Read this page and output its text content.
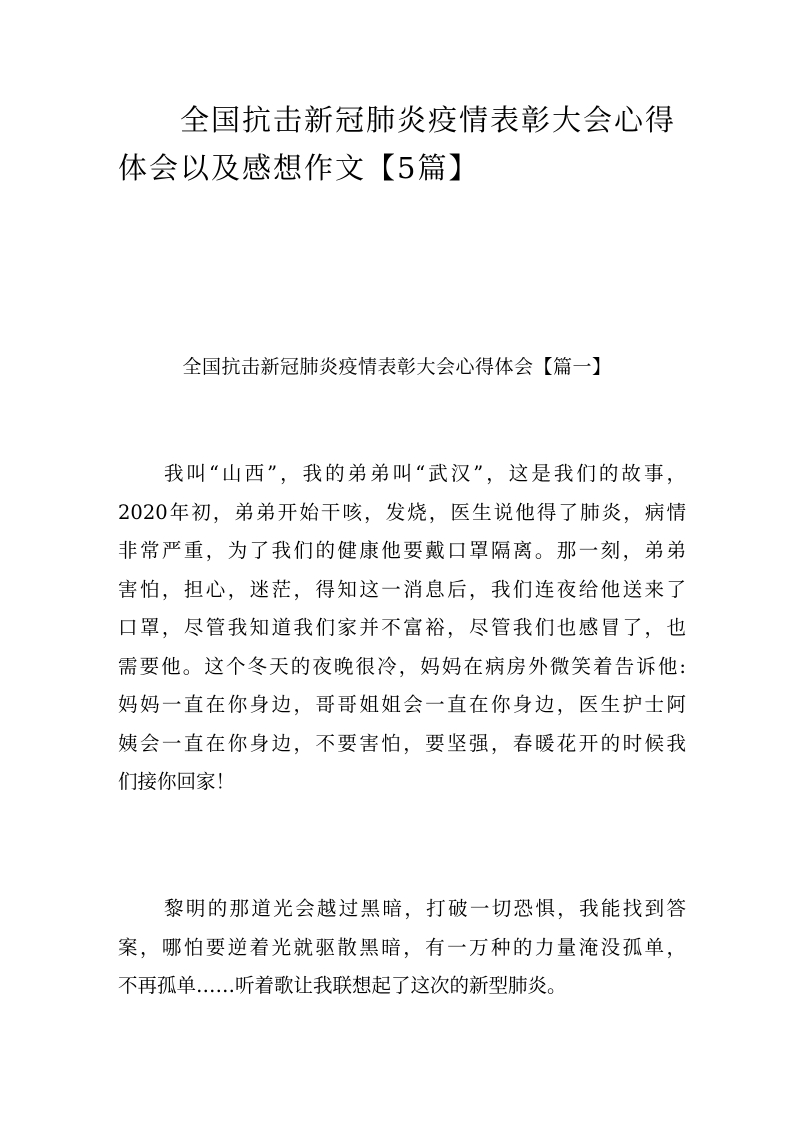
全国抗击新冠肺炎疫情表彰大会心得
体会以及感想作文【5篇】
全国抗击新冠肺炎疫情表彰大会心得体会【篇一】
我叫“山西”，我的弟弟叫“武汉”，这是我们的故事，
2020年初，弟弟开始干咳，发烧，医生说他得了肺炎，病情
非常严重，为了我们的健康他要戴口罩隔离。那一刻，弟弟
害怕，担心，迷茫，得知这一消息后，我们连夜给他送来了
口罩，尽管我知道我们家并不富裕，尽管我们也感冒了，也
需要他。这个冬天的夜晚很冷，妈妈在病房外微笑着告诉他:
妈妈一直在你身边，哥哥姐姐会一直在你身边，医生护士阿
姨会一直在你身边，不要害怕，要坚强，春暖花开的时候我
们接你回家！
黎明的那道光会越过黑暗，打破一切恐惧，我能找到答
案，哪怕要逆着光就驱散黑暗，有一万种的力量淹没孤单，
不再孤单……听着歌让我联想起了这次的新型肺炎。
